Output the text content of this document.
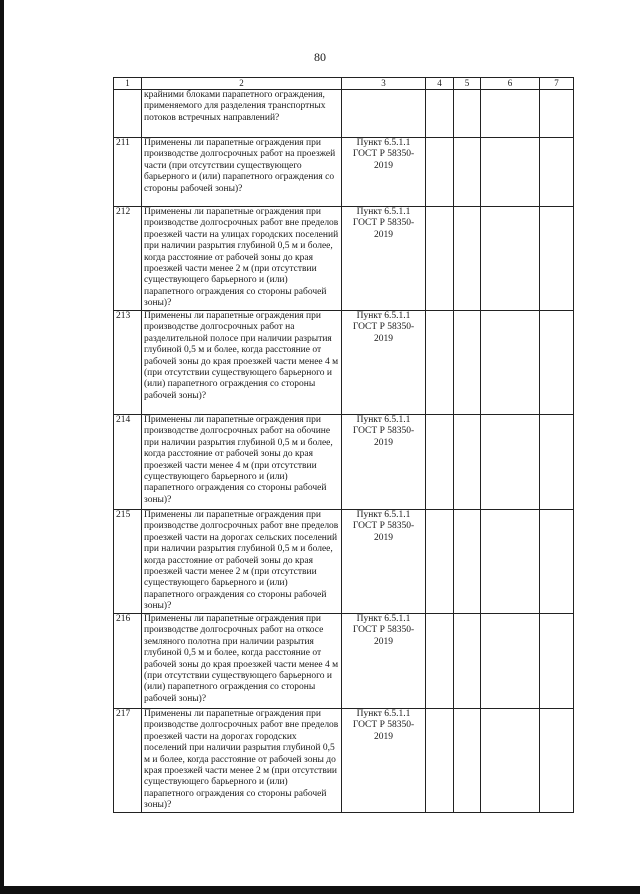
80
1	2	3	4	5	6	7
	крайними блоками парапетного ограждения, применяемого для разделения транспортных потоков встречных направлений?					
211	Применены ли парапетные ограждения при производстве долгосрочных работ на проезжей части (при отсутствии существующего барьерного и (или) парапетного ограждения со стороны рабочей зоны)?	Пункт 6.5.1.1 ГОСТ Р 58350-2019				
212	Применены ли парапетные ограждения при производстве долгосрочных работ вне пределов проезжей части на улицах городских поселений при наличии разрытия глубиной 0,5 м и более, когда расстояние от рабочей зоны до края проезжей части менее 2 м (при отсутствии существующего барьерного и (или) парапетного ограждения со стороны рабочей зоны)?	Пункт 6.5.1.1 ГОСТ Р 58350-2019				
213	Применены ли парапетные ограждения при производстве долгосрочных работ на разделительной полосе при наличии разрытия глубиной 0,5 м и более, когда расстояние от рабочей зоны до края проезжей части менее 4 м (при отсутствии существующего барьерного и (или) парапетного ограждения со стороны рабочей зоны)?	Пункт 6.5.1.1 ГОСТ Р 58350-2019				
214	Применены ли парапетные ограждения при производстве долгосрочных работ на обочине при наличии разрытия глубиной 0,5 м и более, когда расстояние от рабочей зоны до края проезжей части менее 4 м (при отсутствии существующего барьерного и (или) парапетного ограждения со стороны рабочей зоны)?	Пункт 6.5.1.1 ГОСТ Р 58350-2019				
215	Применены ли парапетные ограждения при производстве долгосрочных работ вне пределов проезжей части на дорогах сельских поселений при наличии разрытия глубиной 0,5 м и более, когда расстояние от рабочей зоны до края проезжей части менее 2 м (при отсутствии существующего барьерного и (или) парапетного ограждения со стороны рабочей зоны)?	Пункт 6.5.1.1 ГОСТ Р 58350-2019				
216	Применены ли парапетные ограждения при производстве долгосрочных работ на откосе земляного полотна при наличии разрытия глубиной 0,5 м и более, когда расстояние от рабочей зоны до края проезжей части менее 4 м (при отсутствии существующего барьерного и (или) парапетного ограждения со стороны рабочей зоны)?	Пункт 6.5.1.1 ГОСТ Р 58350-2019				
217	Применены ли парапетные ограждения при производстве долгосрочных работ вне пределов проезжей части на дорогах городских поселений при наличии разрытия глубиной 0,5 м и более, когда расстояние от рабочей зоны до края проезжей части менее 2 м (при отсутствии существующего барьерного и (или) парапетного ограждения со стороны рабочей зоны)?	Пункт 6.5.1.1 ГОСТ Р 58350-2019				
